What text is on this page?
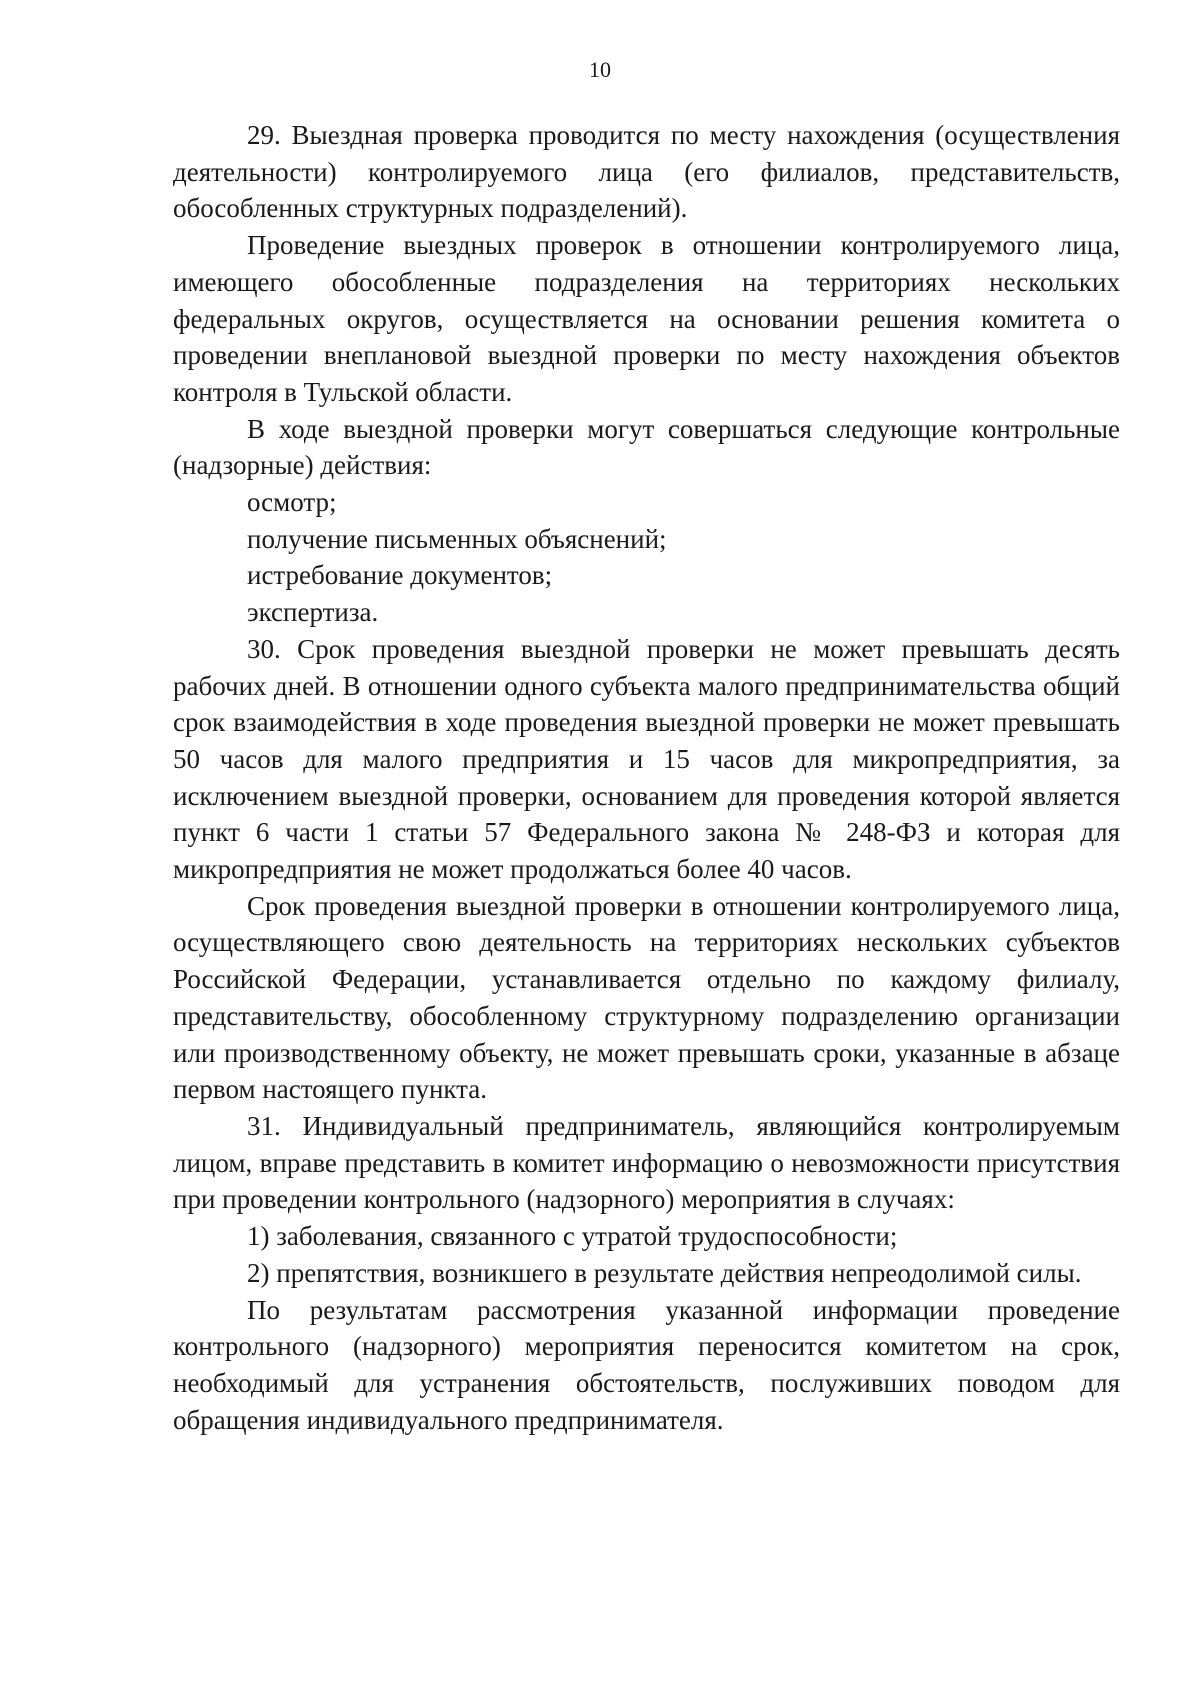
10

29. Выездная проверка проводится по месту нахождения (осуществления деятельности) контролируемого лица (его филиалов, представительств, обособленных структурных подразделений).

Проведение выездных проверок в отношении контролируемого лица, имеющего обособленные подразделения на территориях нескольких федеральных округов, осуществляется на основании решения комитета о проведении внеплановой выездной проверки по месту нахождения объектов контроля в Тульской области.

В ходе выездной проверки могут совершаться следующие контрольные (надзорные) действия:

осмотр;

получение письменных объяснений;

истребование документов;

экспертиза.

30. Срок проведения выездной проверки не может превышать десять рабочих дней. В отношении одного субъекта малого предпринимательства общий срок взаимодействия в ходе проведения выездной проверки не может превышать 50 часов для малого предприятия и 15 часов для микропредприятия, за исключением выездной проверки, основанием для проведения которой является пункт 6 части 1 статьи 57 Федерального закона № 248-ФЗ и которая для микропредприятия не может продолжаться более 40 часов.

Срок проведения выездной проверки в отношении контролируемого лица, осуществляющего свою деятельность на территориях нескольких субъектов Российской Федерации, устанавливается отдельно по каждому филиалу, представительству, обособленному структурному подразделению организации или производственному объекту, не может превышать сроки, указанные в абзаце первом настоящего пункта.

31. Индивидуальный предприниматель, являющийся контролируемым лицом, вправе представить в комитет информацию о невозможности присутствия при проведении контрольного (надзорного) мероприятия в случаях:

1) заболевания, связанного с утратой трудоспособности;

2) препятствия, возникшего в результате действия непреодолимой силы.

По результатам рассмотрения указанной информации проведение контрольного (надзорного) мероприятия переносится комитетом на срок, необходимый для устранения обстоятельств, послуживших поводом для обращения индивидуального предпринимателя.
